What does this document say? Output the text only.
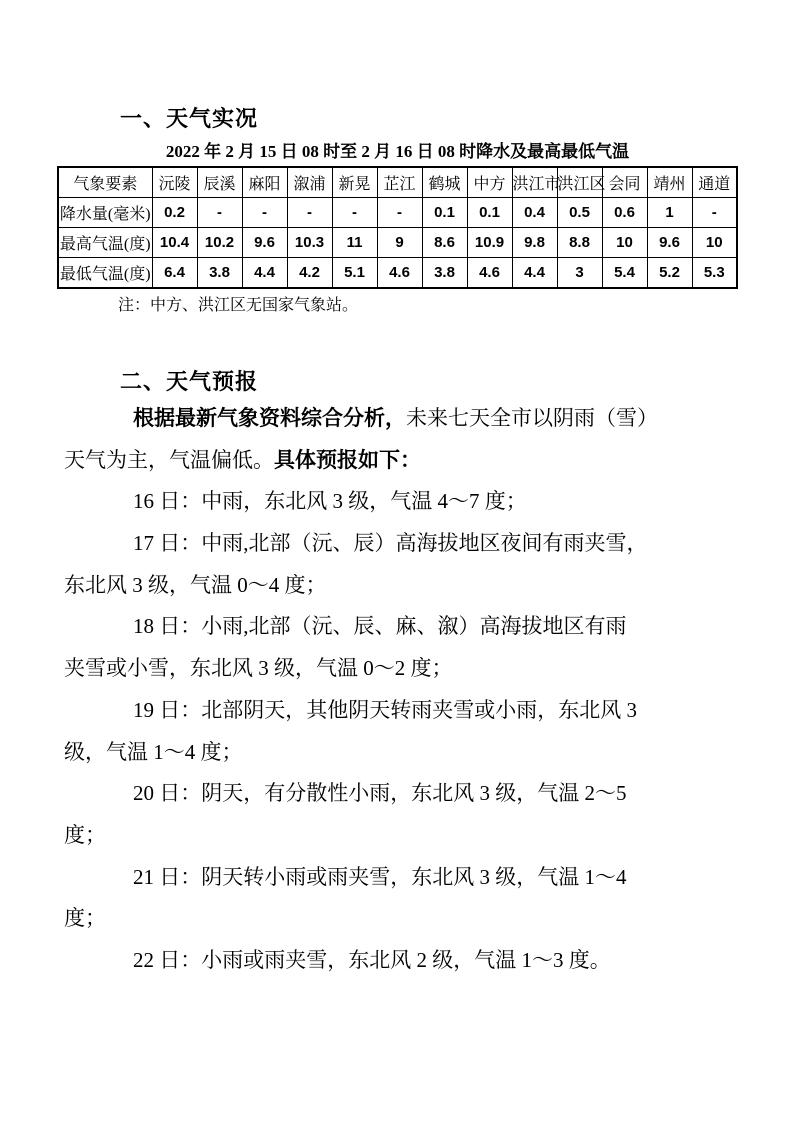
一、天气实况
2022 年 2 月 15 日 08 时至 2 月 16 日 08 时降水及最高最低气温
气象要素	沅陵	辰溪	麻阳	溆浦	新晃	芷江	鹤城	中方	洪江市	洪江区	会同	靖州	通道
降水量(毫米)	0.2	-	-	-	-	-	0.1	0.1	0.4	0.5	0.6	1	-
最高气温(度)	10.4	10.2	9.6	10.3	11	9	8.6	10.9	9.8	8.8	10	9.6	10
最低气温(度)	6.4	3.8	4.4	4.2	5.1	4.6	3.8	4.6	4.4	3	5.4	5.2	5.3
注：中方、洪江区无国家气象站。
二、天气预报
根据最新气象资料综合分析，未来七天全市以阴雨（雪）
天气为主，气温偏低。具体预报如下：
16 日：中雨，东北风 3 级，气温 4～7 度；
17 日：中雨,北部（沅、辰）高海拔地区夜间有雨夹雪，
东北风 3 级，气温 0～4 度；
18 日：小雨,北部（沅、辰、麻、溆）高海拔地区有雨
夹雪或小雪，东北风 3 级，气温 0～2 度；
19 日：北部阴天，其他阴天转雨夹雪或小雨，东北风 3
级，气温 1～4 度；
20 日：阴天，有分散性小雨，东北风 3 级，气温 2～5
度；
21 日：阴天转小雨或雨夹雪，东北风 3 级，气温 1～4
度；
22 日：小雨或雨夹雪，东北风 2 级，气温 1～3 度。
